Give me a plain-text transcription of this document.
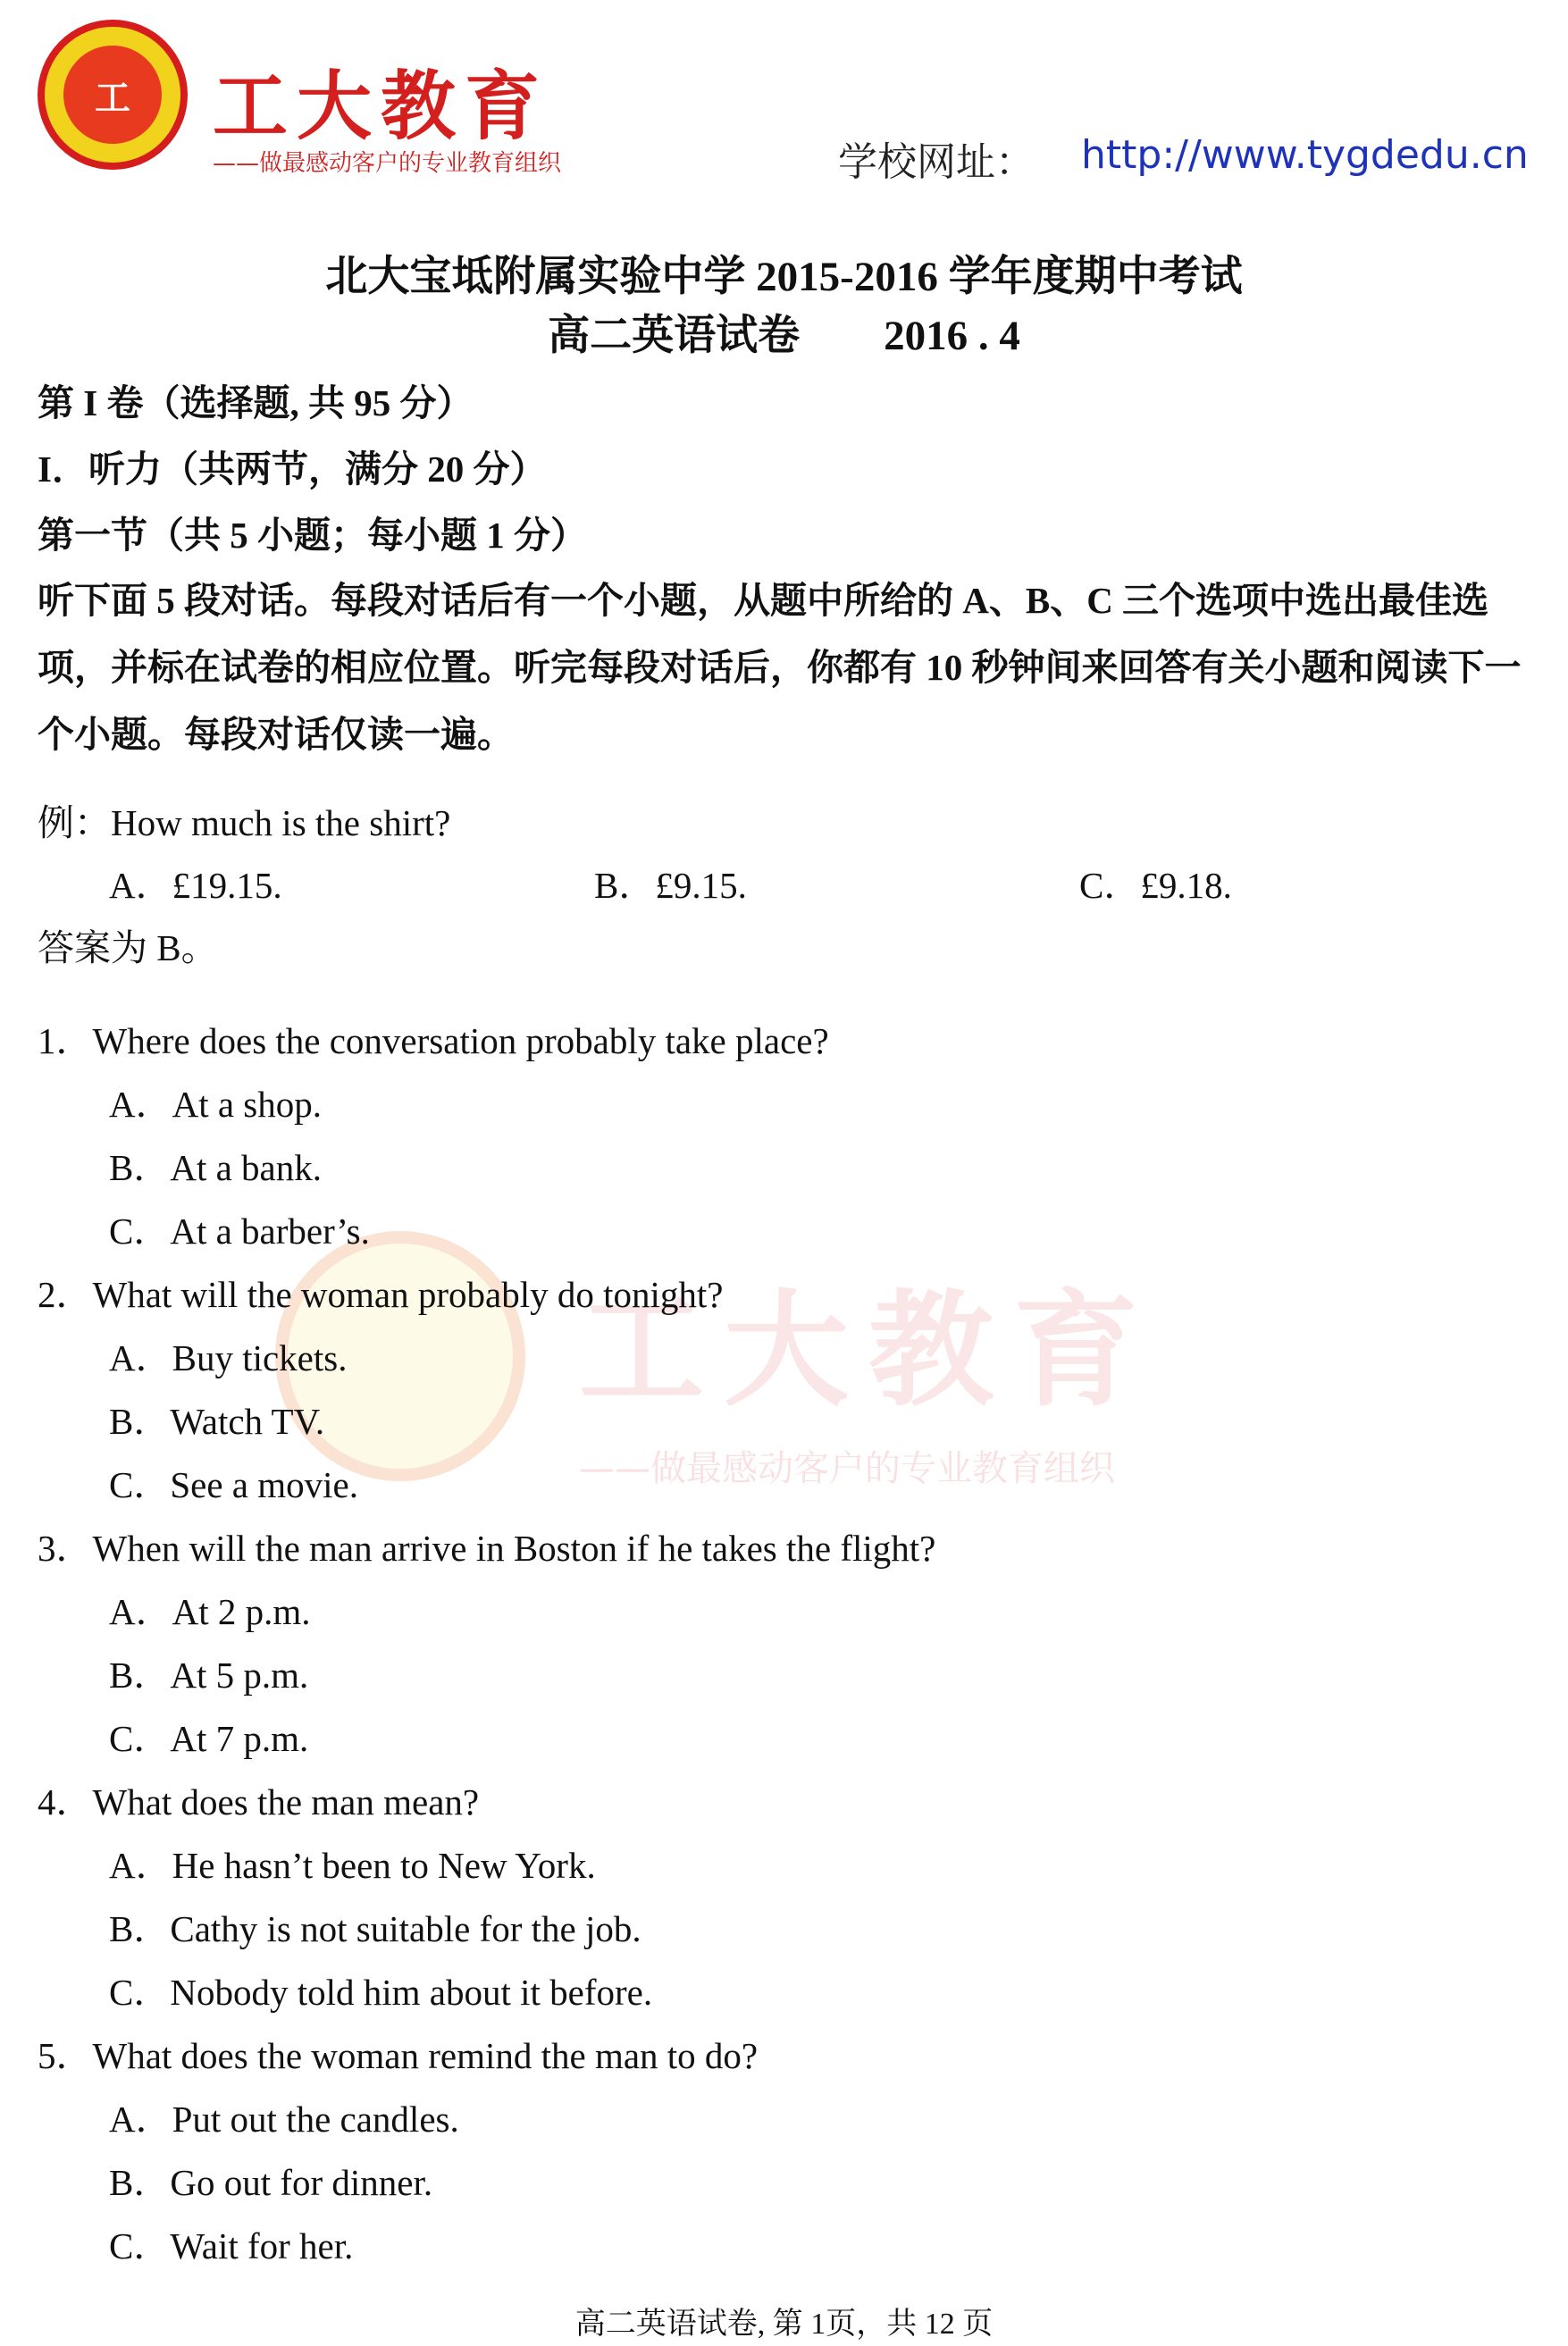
工	工大教育
——做最感动客户的专业教育组织	学校网址： http://www.tygdedu.cn
工大教育
——做最感动客户的专业教育组织
北大宝坻附属实验中学 2015-2016 学年度期中考试
高二英语试卷　　2016 . 4
第 I 卷（选择题, 共 95 分）
I．听力（共两节，满分 20 分）
第一节（共 5 小题；每小题 1 分）
听下面 5 段对话。每段对话后有一个小题，从题中所给的 A、B、C 三个选项中选出最佳选项，并标在试卷的相应位置。听完每段对话后，你都有 10 秒钟间来回答有关小题和阅读下一个小题。每段对话仅读一遍。
例：How much is the shirt?
A．£19.15.	B．£9.15.	C．£9.18.
答案为 B。
1．Where does the conversation probably take place?
A．At a shop.
B．At a bank.
C．At a barber’s.
2．What will the woman probably do tonight?
A．Buy tickets.
B．Watch TV.
C．See a movie.
3．When will the man arrive in Boston if he takes the flight?
A．At 2 p.m.
B．At 5 p.m.
C．At 7 p.m.
4．What does the man mean?
A．He hasn’t been to New York.
B．Cathy is not suitable for the job.
C．Nobody told him about it before.
5．What does the woman remind the man to do?
A．Put out the candles.
B．Go out for dinner.
C．Wait for her.
高二英语试卷, 第 1页，共 12 页
